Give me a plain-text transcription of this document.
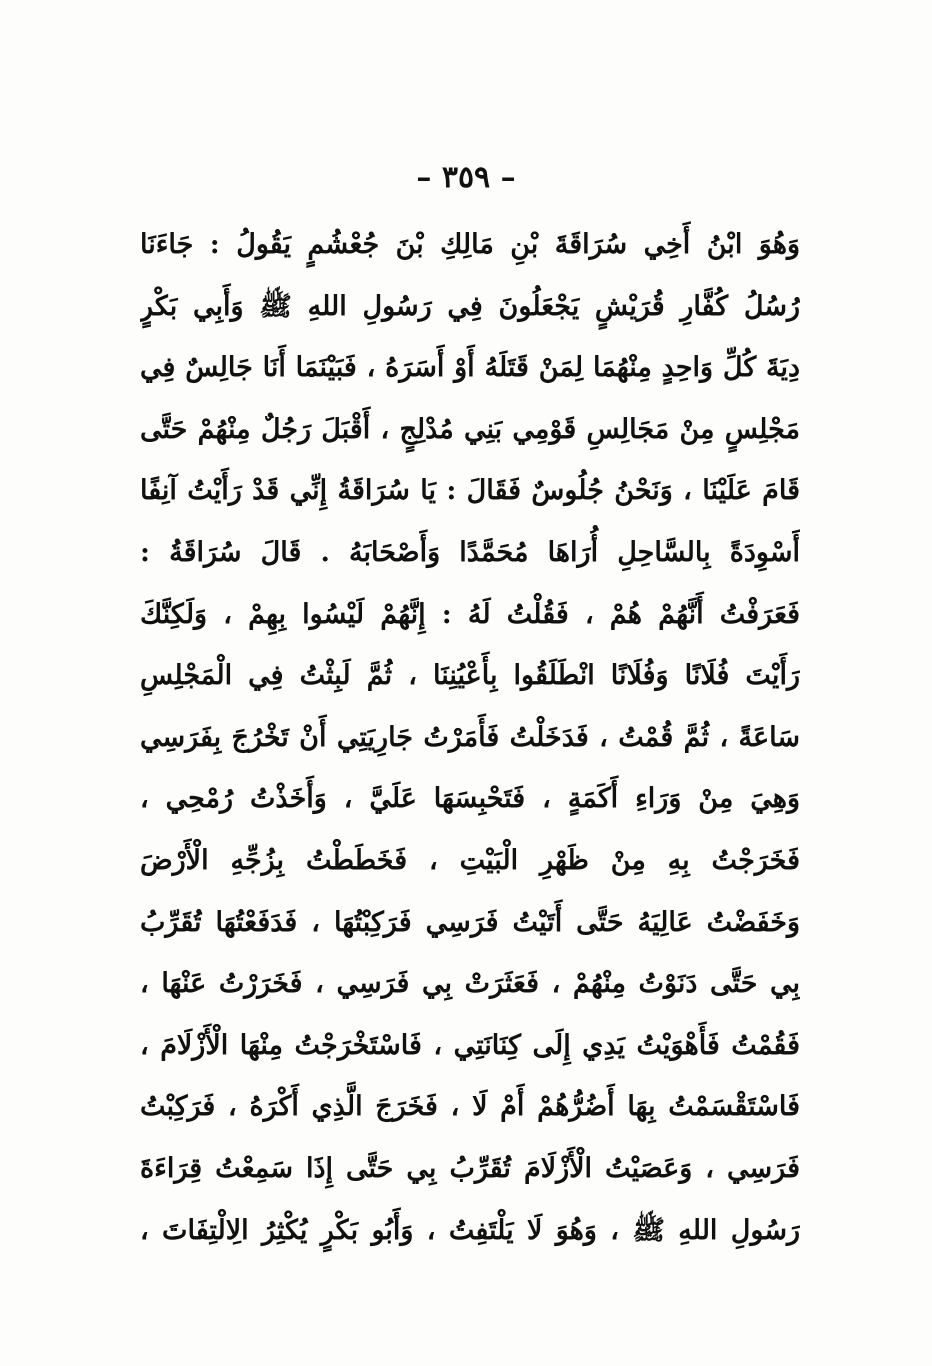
– ٣٥٩ –
وَهُوَ ابْنُ أَخِي سُرَاقَةَ بْنِ مَالِكِ بْنَ جُعْشُمٍ يَقُولُ : جَاءَنَا
رُسُلُ كُفَّارِ قُرَيْشٍ يَجْعَلُونَ فِي رَسُولِ اللهِ ﷺ وَأَبِي بَكْرٍ
دِيَةَ كُلِّ وَاحِدٍ مِنْهُمَا لِمَنْ قَتَلَهُ أَوْ أَسَرَهُ ، فَبَيْنَمَا أَنَا جَالِسٌ فِي
مَجْلِسٍ مِنْ مَجَالِسِ قَوْمِي بَنِي مُدْلِجٍ ، أَقْبَلَ رَجُلٌ مِنْهُمْ حَتَّى
قَامَ عَلَيْنَا ، وَنَحْنُ جُلُوسٌ فَقَالَ : يَا سُرَاقَةُ إِنِّي قَدْ رَأَيْتُ آنِفًا
أَسْوِدَةً بِالسَّاحِلِ أُرَاهَا مُحَمَّدًا وَأَصْحَابَهُ . قَالَ سُرَاقَةُ :
فَعَرَفْتُ أَنَّهُمْ هُمْ ، فَقُلْتُ لَهُ : إِنَّهُمْ لَيْسُوا بِهِمْ ، وَلَكِنَّكَ
رَأَيْتَ فُلَانًا وَفُلَانًا انْطَلَقُوا بِأَعْيُنِنَا ، ثُمَّ لَبِثْتُ فِي الْمَجْلِسِ
سَاعَةً ، ثُمَّ قُمْتُ ، فَدَخَلْتُ فَأَمَرْتُ جَارِيَتِي أَنْ تَخْرُجَ بِفَرَسِي
وَهِيَ مِنْ وَرَاءِ أَكَمَةٍ ، فَتَحْبِسَهَا عَلَيَّ ، وَأَخَذْتُ رُمْحِي ،
فَخَرَجْتُ بِهِ مِنْ ظَهْرِ الْبَيْتِ ، فَخَطَطْتُ بِزُجِّهِ الْأَرْضَ
وَخَفَضْتُ عَالِيَهُ حَتَّى أَتَيْتُ فَرَسِي فَرَكِبْتُهَا ، فَدَفَعْتُهَا تُقَرِّبُ
بِي حَتَّى دَنَوْتُ مِنْهُمْ ، فَعَثَرَتْ بِي فَرَسِي ، فَخَرَرْتُ عَنْهَا ،
فَقُمْتُ فَأَهْوَيْتُ يَدِي إِلَى كِنَانَتِي ، فَاسْتَخْرَجْتُ مِنْهَا الْأَزْلَامَ ،
فَاسْتَقْسَمْتُ بِهَا أَضُرُّهُمْ أَمْ لَا ، فَخَرَجَ الَّذِي أَكْرَهُ ، فَرَكِبْتُ
فَرَسِي ، وَعَصَيْتُ الْأَزْلَامَ تُقَرِّبُ بِي حَتَّى إِذَا سَمِعْتُ قِرَاءَةَ
رَسُولِ اللهِ ﷺ ، وَهُوَ لَا يَلْتَفِتُ ، وَأَبُو بَكْرٍ يُكْثِرُ الِالْتِفَاتَ ،
